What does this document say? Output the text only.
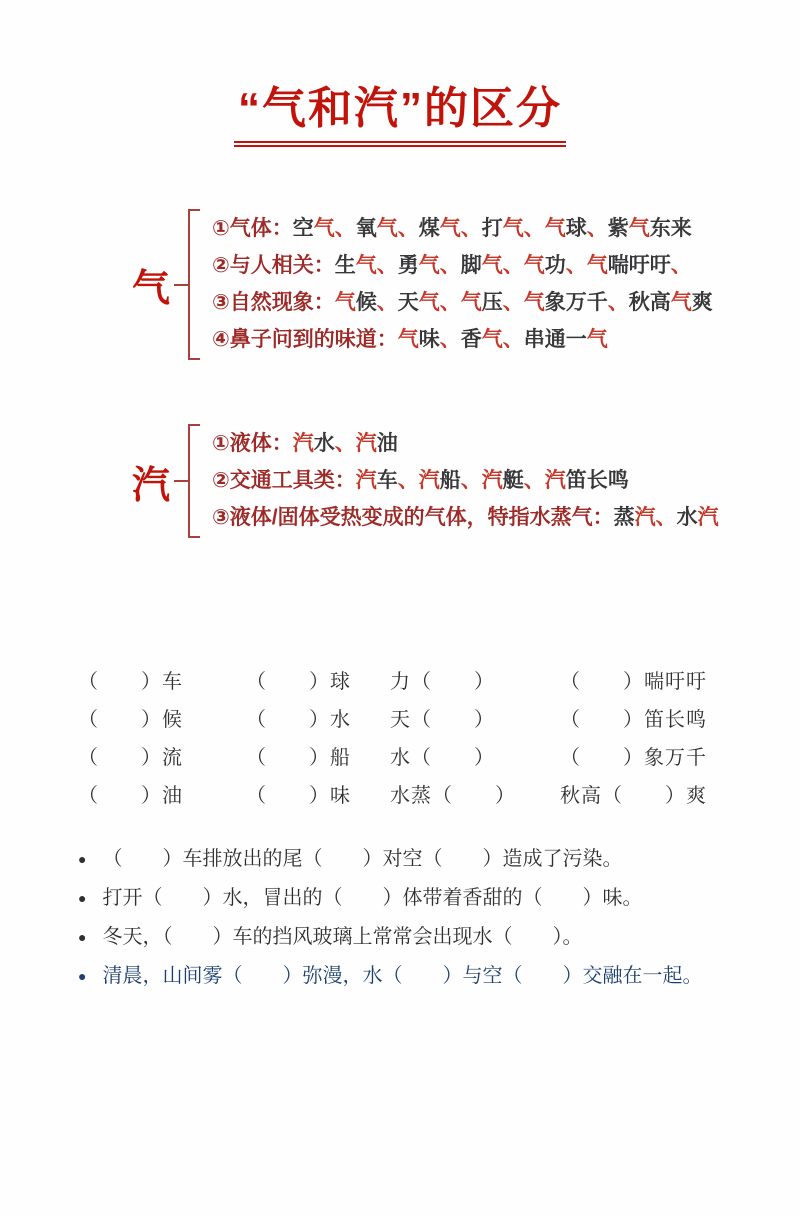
“气和汽”的区分
气
①气体：空气、氧气、煤气、打气、气球、紫气东来
②与人相关：生气、勇气、脚气、气功、气喘吁吁、
③自然现象：气候、天气、气压、气象万千、秋高气爽
④鼻子问到的味道：气味、香气、串通一气
汽
①液体：汽水、汽油
②交通工具类：汽车、汽船、汽艇、汽笛长鸣
③液体/固体受热变成的气体，特指水蒸气：蒸汽、水汽
（　　）车	（　　）球	力（　　）	（　　）喘吁吁
（　　）候	（　　）水	天（　　）	（　　）笛长鸣
（　　）流	（　　）船	水（　　）	（　　）象万千
（　　）油	（　　）味	水蒸（　　）	秋高（　　）爽
● （　　）车排放出的尾（　　）对空（　　）造成了污染。
● 打开（　　）水，冒出的（　　）体带着香甜的（　　）味。
● 冬天，（　　）车的挡风玻璃上常常会出现水（　　）。
● 清晨，山间雾（　　）弥漫，水（　　）与空（　　）交融在一起。
